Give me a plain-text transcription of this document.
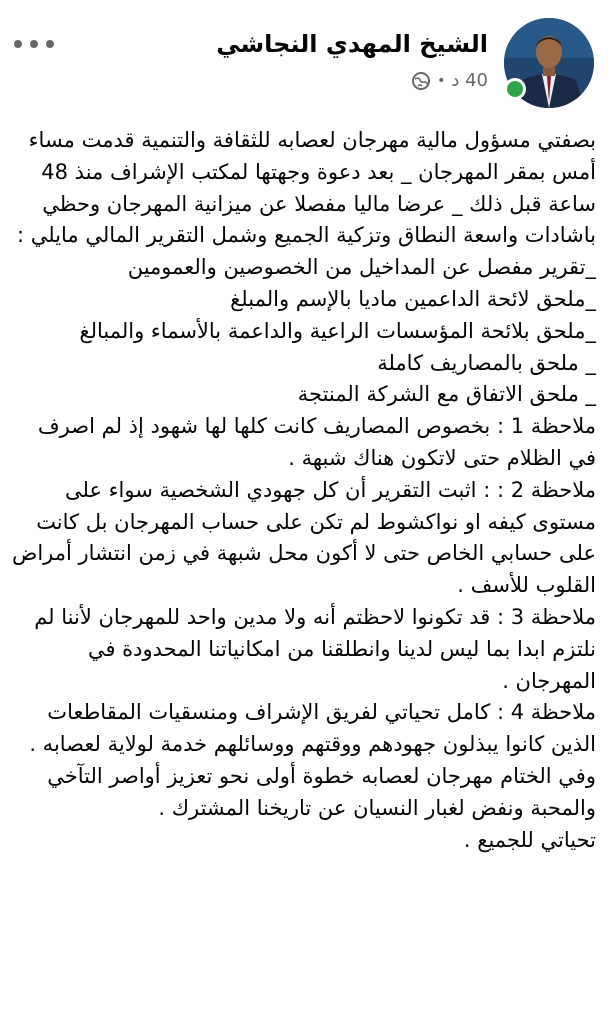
الشيخ المهدي النجاشي
40 د
•

بصفتي مسؤول مالية مهرجان لعصابه للثقافة والتنمية قدمت مساء أمس بمقر المهرجان _ بعد دعوة وجهتها لمكتب الإشراف منذ 48 ساعة قبل ذلك _ عرضا ماليا مفصلا عن ميزانية المهرجان وحظي باشادات واسعة النطاق وتزكية الجميع وشمل التقرير المالي مايلي :

_تقرير مفصل عن المداخيل من الخصوصين والعمومين

_ملحق لائحة الداعمين ماديا بالإسم والمبلغ

_ملحق بلائحة المؤسسات الراعية والداعمة بالأسماء والمبالغ

_ ملحق بالمصاريف كاملة

_ ملحق الاتفاق مع الشركة المنتجة

ملاحظة 1 : بخصوص المصاريف كانت كلها لها شهود إذ لم اصرف في الظلام حتى لاتكون هناك شبهة .

ملاحظة 2 : : اثبت التقرير أن كل جهودي الشخصية سواء على مستوى كيفه او نواكشوط لم تكن على حساب المهرجان بل كانت على حسابي الخاص حتى لا أكون محل شبهة في زمن انتشار أمراض القلوب للأسف .

ملاحظة 3 : قد تكونوا لاحظتم أنه ولا مدين واحد للمهرجان لأننا لم نلتزم ابدا بما ليس لدينا وانطلقنا من امكانياتنا المحدودة في المهرجان .

ملاحظة 4 : كامل تحياتي لفريق الإشراف ومنسقيات المقاطعات الذين كانوا يبذلون جهودهم ووقتهم ووسائلهم خدمة لولاية لعصابه .

وفي الختام مهرجان لعصابه خطوة أولى نحو تعزيز أواصر التآخي والمحبة ونفض لغبار النسيان عن تاريخنا المشترك .

تحياتي للجميع .
